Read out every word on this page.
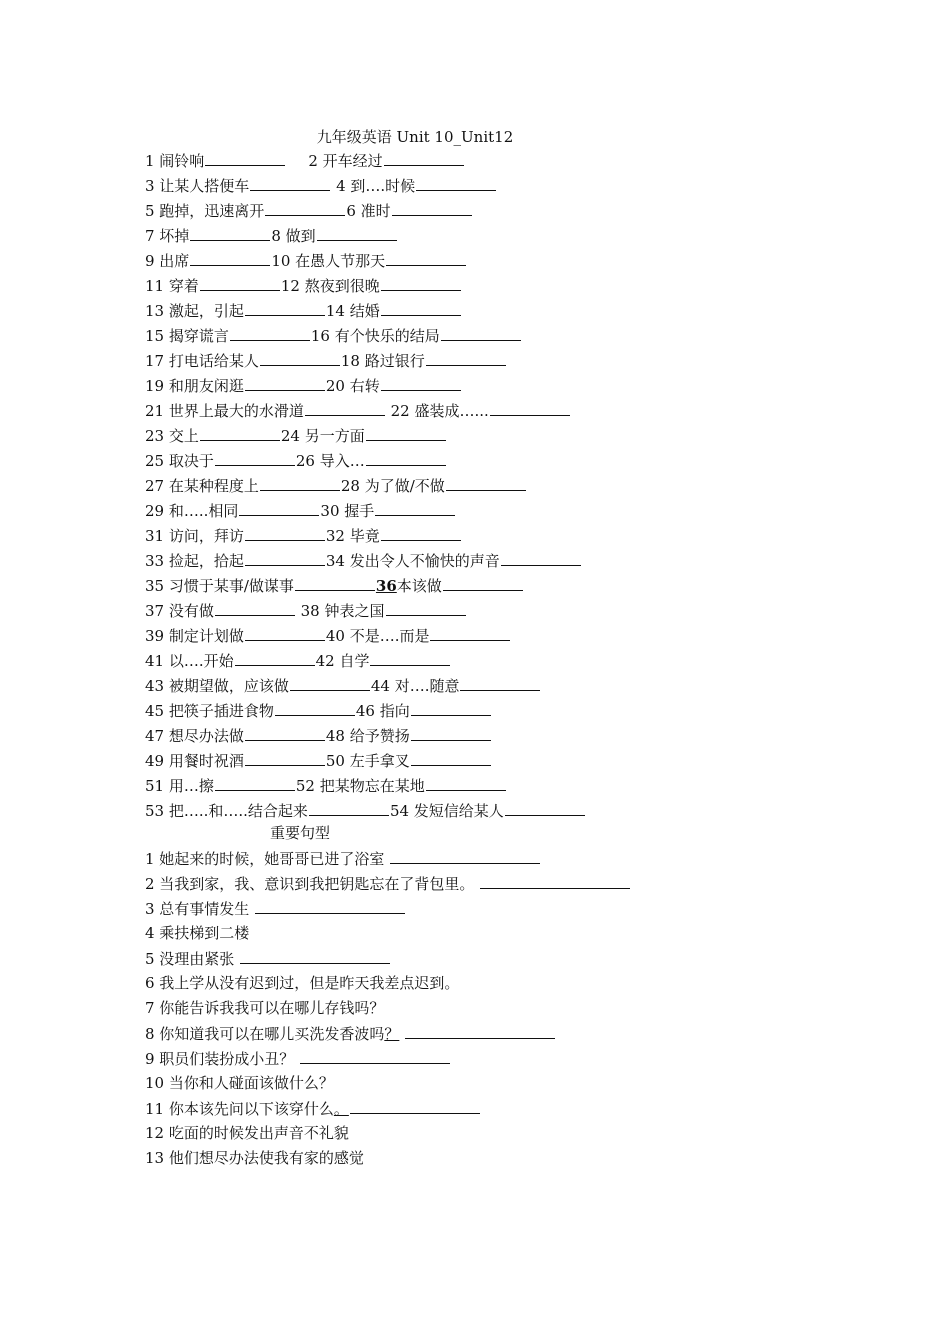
九年级英语 Unit 10_Unit12
1 闹铃响	2 开车经过
3 让某人搭便车	4 到….时候
5 跑掉，迅速离开	6 准时
7 坏掉	8 做到
9 出席	10 在愚人节那天
11 穿着	12 熬夜到很晚
13 激起，引起	14 结婚
15 揭穿谎言	16 有个快乐的结局
17 打电话给某人	18 路过银行
19 和朋友闲逛	20 右转
21 世界上最大的水滑道	22 盛装成…...
23 交上	24 另一方面
25 取决于	26 导入…
27 在某种程度上	28 为了做/不做
29 和…..相同	30 握手
31 访问，拜访	32 毕竟
33 捡起，拾起	34 发出令人不愉快的声音
35 习惯于某事/做谋事	36本该做
37 没有做	38 钟表之国
39 制定计划做	40 不是….而是
41 以….开始	42 自学
43 被期望做，应该做	44 对….随意
45 把筷子插进食物	46 指向
47 想尽办法做	48 给予赞扬
49 用餐时祝酒	50 左手拿叉
51 用…擦	52 把某物忘在某地
53 把…..和…..结合起来	54 发短信给某人
重要句型
1 她起来的时候，她哥哥已进了浴室
2 当我到家，我、意识到我把钥匙忘在了背包里。
3 总有事情发生
4 乘扶梯到二楼
5 没理由紧张
6 我上学从没有迟到过，但是昨天我差点迟到。
7 你能告诉我我可以在哪儿存钱吗？
8 你知道我可以在哪儿买洗发香波吗？
9 职员们装扮成小丑？
10 当你和人碰面该做什么？
11 你本该先问以下该穿什么。
12 吃面的时候发出声音不礼貌
13 他们想尽办法使我有家的感觉
